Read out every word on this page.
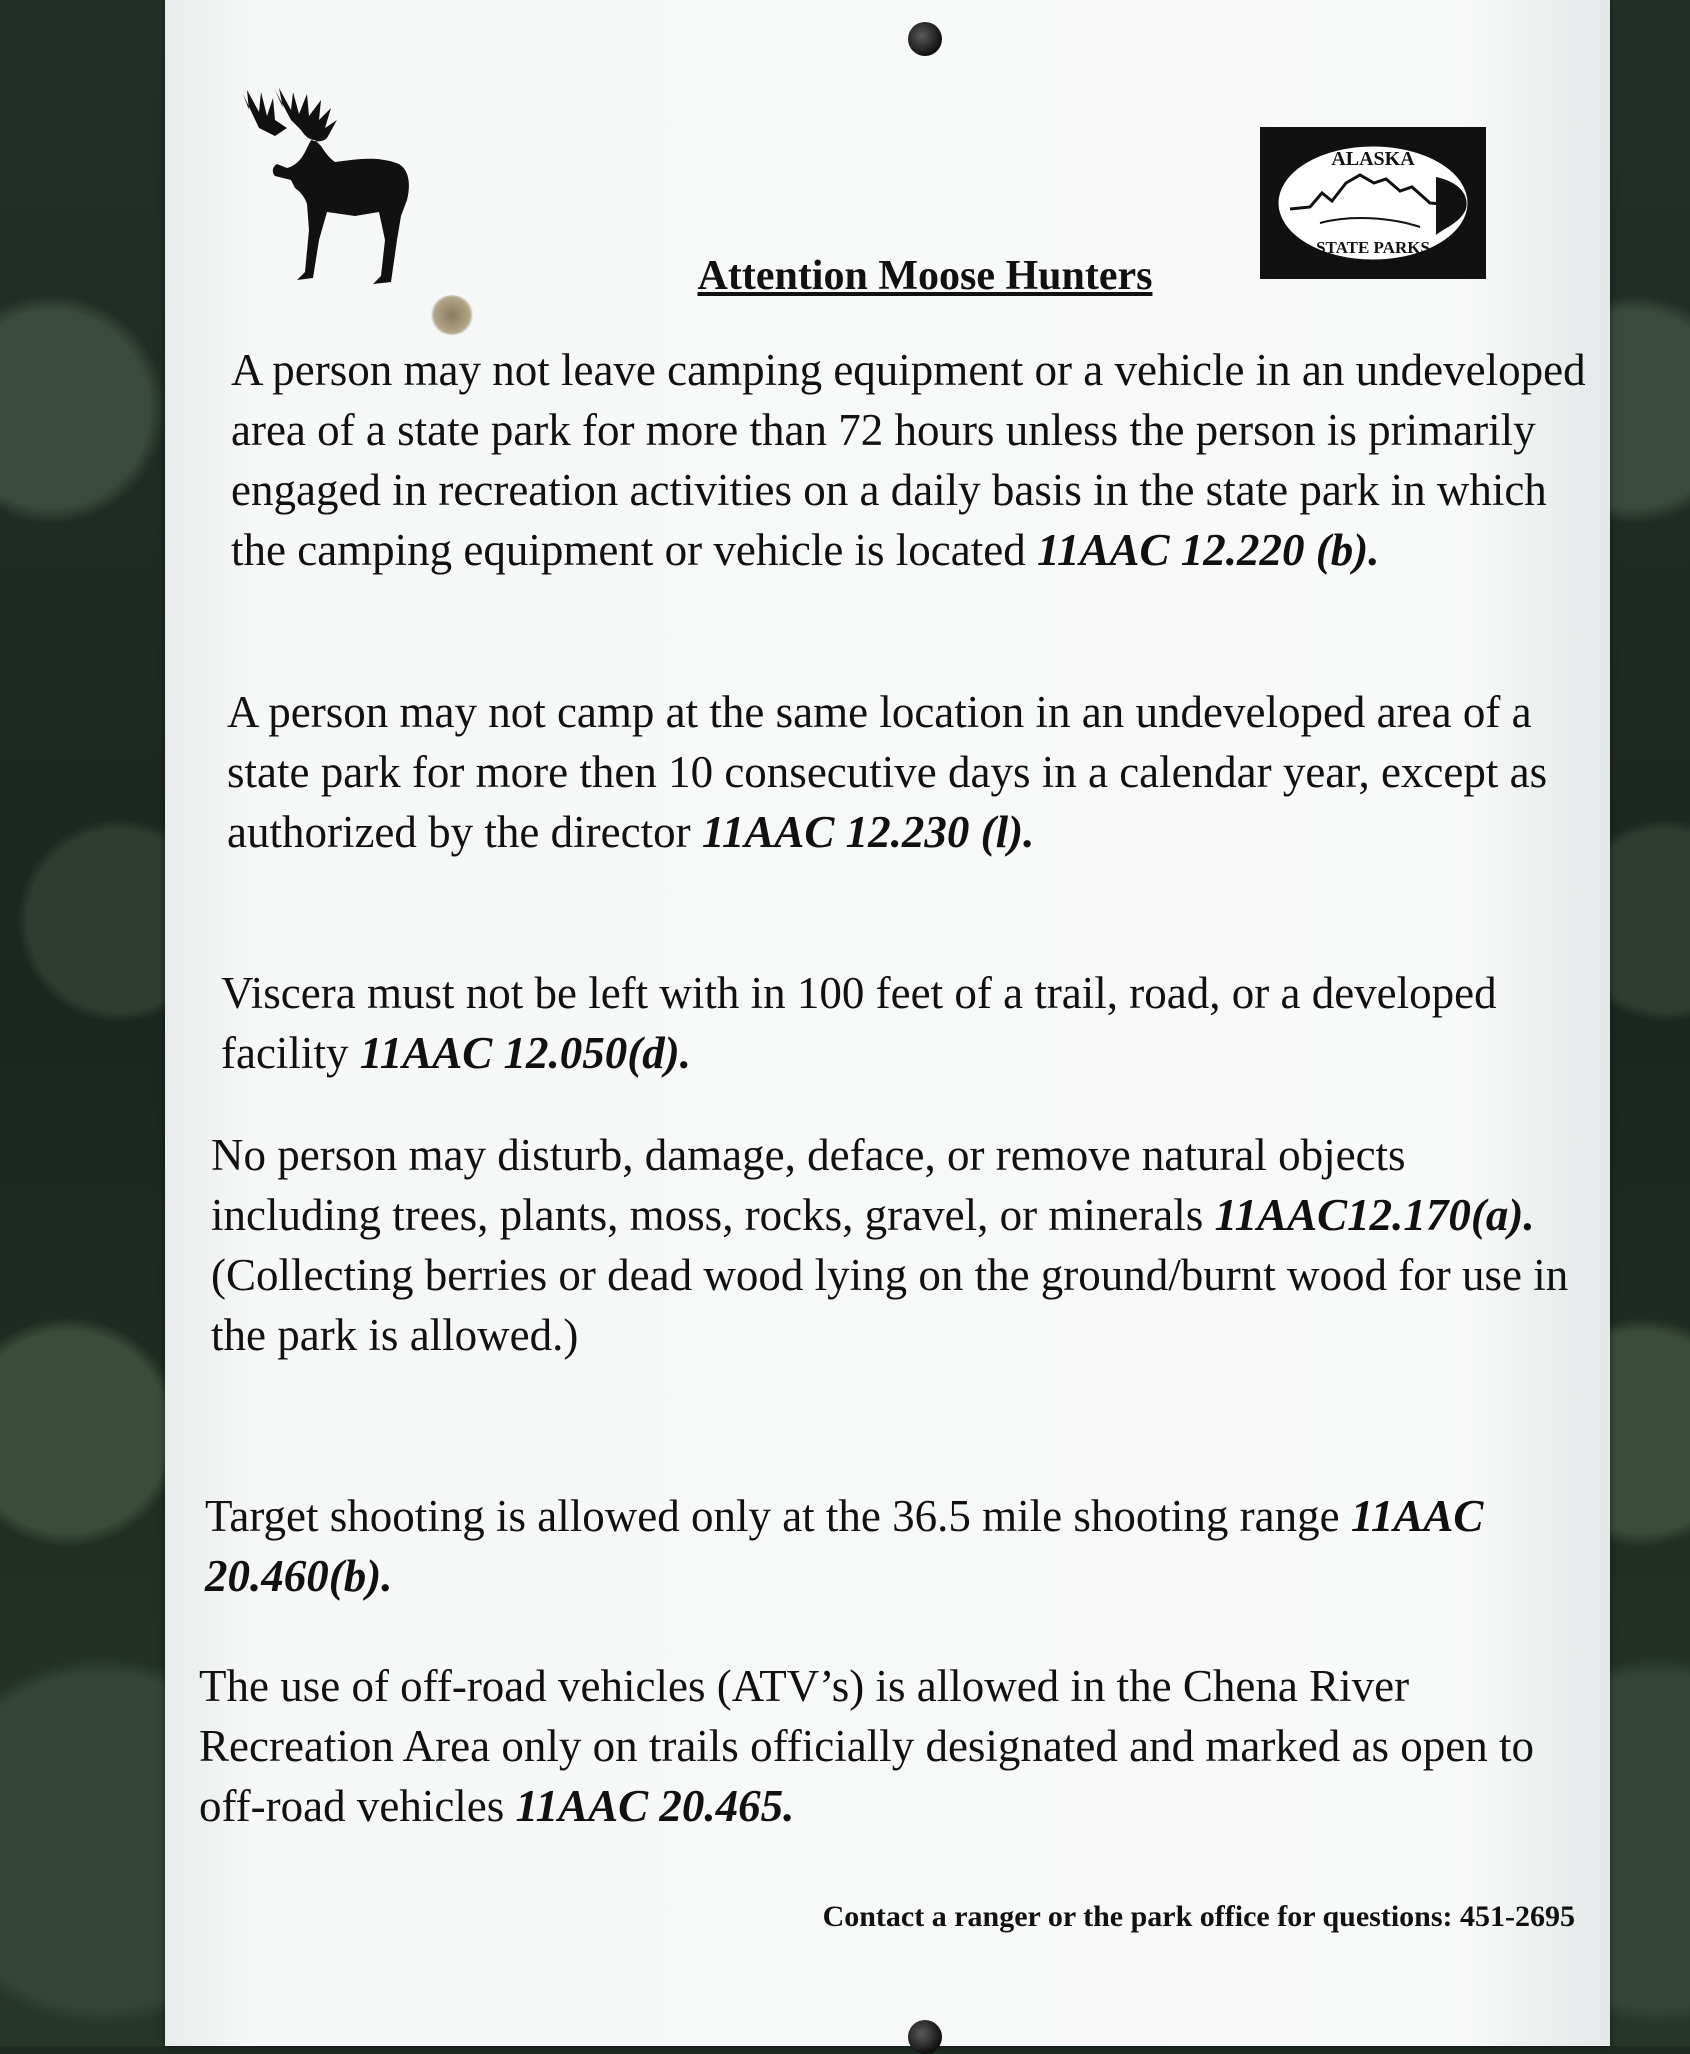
ALASKA
STATE PARKS
Attention Moose Hunters

A person may not leave camping equipment or a vehicle in an undeveloped area of a state park for more than 72 hours unless the person is primarily engaged in recreation activities on a daily basis in the state park in which the camping equipment or vehicle is located 11AAC 12.220 (b).

A person may not camp at the same location in an undeveloped area of a state park for more then 10 consecutive days in a calendar year, except as authorized by the director 11AAC 12.230 (l).

Viscera must not be left with in 100 feet of a trail, road, or a developed facility 11AAC 12.050(d).

No person may disturb, damage, deface, or remove natural objects including trees, plants, moss, rocks, gravel, or minerals 11AAC12.170(a). (Collecting berries or dead wood lying on the ground/burnt wood for use in the park is allowed.)

Target shooting is allowed only at the 36.5 mile shooting range 11AAC 20.460(b).

The use of off-road vehicles (ATV’s) is allowed in the Chena River Recreation Area only on trails officially designated and marked as open to off-road vehicles 11AAC 20.465.

Contact a ranger or the park office for questions: 451-2695
